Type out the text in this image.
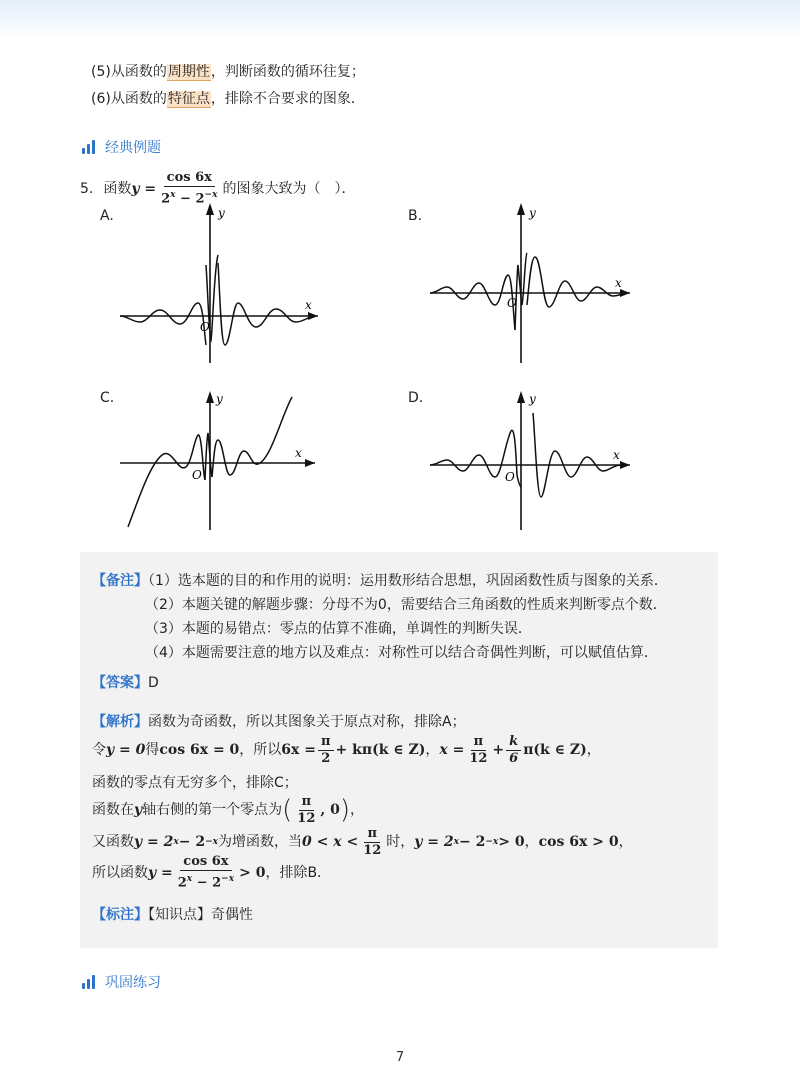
(5)从函数的周期性，判断函数的循环往复；
(6)从函数的特征点，排除不合要求的图象．
经典例题
5. 函数 $y = \frac{\cos 6x}{2^x - 2^{-x}}$ 的图象大致为（　）．
A.	B.
C.	D.
x
y
O
x
y
O
x
y
O
x
y
O
【备注】（1）选本题的目的和作用的说明：运用数形结合思想，巩固函数性质与图象的关系．
（2）本题关键的解题步骤：分母不为0，需要结合三角函数的性质来判断零点个数．
（3）本题的易错点：零点的估算不准确，单调性的判断失误．
（4）本题需要注意的地方以及难点：对称性可以结合奇偶性判断，可以赋值估算．
【答案】D
【解析】函数为奇函数，所以其图象关于原点对称，排除A；
令 y = 0 得 cos 6x = 0 ，所以 $6x = \frac{\pi}{2} + k\pi(k$ ∈ Z) ， $x = \frac{\pi}{12} + \frac{k}{6} \pi(k$ ∈ Z) ，
函数的零点有无穷多个，排除C；
函数在 y 轴右侧的第一个零点为 ( $\frac{\pi}{12}$ , 0 ) ，
又函数 y = 2 x − 2 −x 为增函数，当 $0 < x < \frac{\pi}{12}$ 时， y = 2 x − 2 −x > 0 ， cos 6x > 0 ，
所以函数 $y = \frac{\cos 6x}{2^x - 2^{-x}} > 0$ ，排除B．
【标注】【知识点】奇偶性
巩固练习
7
